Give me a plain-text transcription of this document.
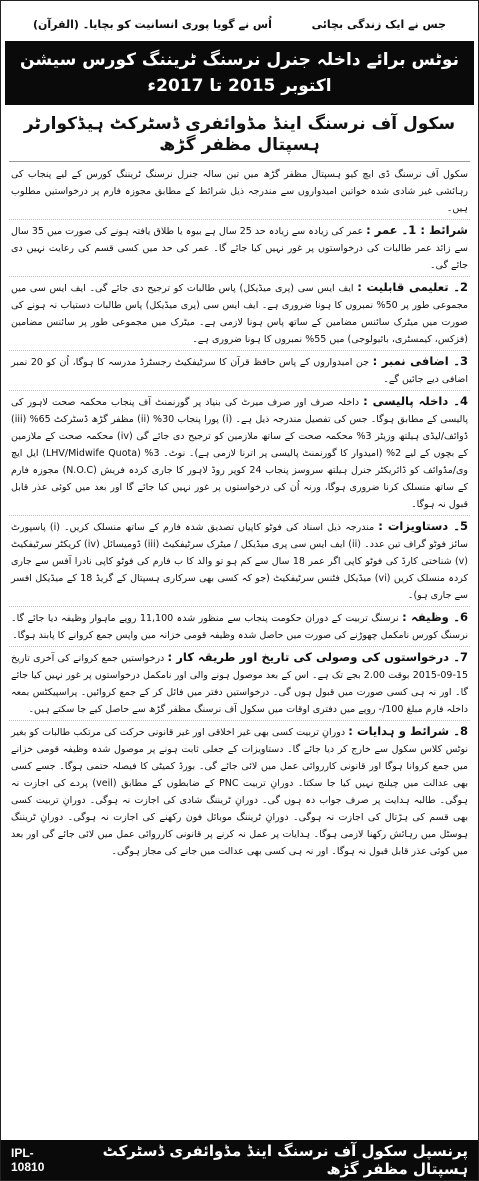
جس نے ایک زندگی بچائی
اُس نے گویا پوری انسانیت کو بچایا۔ (القرآن)
نوٹس برائے داخلہ جنرل نرسنگ ٹریننگ کورس سیشن اکتوبر 2015 تا 2017ء
سکول آف نرسنگ اینڈ مڈوائفری ڈسٹرکٹ ہیڈکوارٹر ہسپتال مظفر گڑھ
سکول آف نرسنگ ڈی ایچ کیو ہسپتال مظفر گڑھ میں تین سالہ جنرل نرسنگ ٹریننگ کورس کے لیے پنجاب کی رہائشی غیر شادی شدہ خواتین امیدواروں سے مندرجہ ذیل شرائط کے مطابق مجوزہ فارم پر درخواستیں مطلوب ہیں۔
شرائط : 1۔ عمر : عمر کی زیادہ سے زیادہ حد 25 سال ہے بیوہ یا طلاق یافتہ ہونے کی صورت میں 35 سال سے زائد عمر طالبات کی درخواستوں پر غور نہیں کیا جائے گا۔ عمر کی حد میں کسی قسم کی رعایت نہیں دی جائے گی۔
2۔ تعلیمی قابلیت : ایف ایس سی (پری میڈیکل) پاس طالبات کو ترجیح دی جائے گی۔ ایف ایس سی میں مجموعی طور پر 50% نمبروں کا ہونا ضروری ہے۔ ایف ایس سی (پری میڈیکل) پاس طالبات دستیاب نہ ہونے کی صورت میں میٹرک سائنس مضامین کے ساتھ پاس ہونا لازمی ہے۔ میٹرک میں مجموعی طور پر سائنس مضامین (فزکس، کیمسٹری، بائیولوجی) میں 55% نمبروں کا ہونا ضروری ہے۔
3۔ اضافی نمبر : جن امیدواروں کے پاس حافظ قرآن کا سرٹیفکیٹ رجسٹرڈ مدرسہ کا ہوگا، اُن کو 20 نمبر اضافی دیے جائیں گے۔
4۔ داخلہ پالیسی : داخلہ صرف اور صرف میرٹ کی بنیاد پر گورنمنٹ آف پنجاب محکمہ صحت لاہور کی پالیسی کے مطابق ہوگا۔ جس کی تفصیل مندرجہ ذیل ہے۔ (i) پورا پنجاب 30% (ii) مظفر گڑھ ڈسٹرکٹ 65% (iii) ڈوائف/لیڈی ہیلتھ وزیٹر 3% محکمہ صحت کے ساتھ ملازمین کو ترجیح دی جائے گی (iv) محکمہ صحت کے ملازمین کے بچوں کے لیے 2% (امیدوار کا گورنمنٹ پالیسی پر اترنا لازمی ہے)۔ نوٹ۔ 3% (LHV/Midwife Quota) ایل ایچ وی/مڈوائف کو ڈائریکٹر جنرل ہیلتھ سروسز پنجاب 24 کوپر روڈ لاہور کا جاری کردہ فریش (N.O.C) مجوزہ فارم کے ساتھ منسلک کرنا ضروری ہوگا، ورنہ اُن کی درخواستوں پر غور نہیں کیا جائے گا اور بعد میں کوئی عذر قابل قبول نہ ہوگا۔
5۔ دستاویزات : مندرجہ ذیل اسناد کی فوٹو کاپیاں تصدیق شدہ فارم کے ساتھ منسلک کریں۔ (i) پاسپورٹ سائز فوٹو گراف تین عدد۔ (ii) ایف ایس سی پری میڈیکل / میٹرک سرٹیفکیٹ (iii) ڈومیسائل (iv) کریکٹر سرٹیفکیٹ (v) شناختی کارڈ کی فوٹو کاپی اگر عمر 18 سال سے کم ہو تو والد کا ب فارم کی فوٹو کاپی نادرا آفس سے جاری کردہ منسلک کریں (vi) میڈیکل فٹنس سرٹیفکیٹ (جو کہ کسی بھی سرکاری ہسپتال کے گریڈ 18 کے میڈیکل افسر سے جاری ہو)۔
6۔ وظیفہ : نرسنگ تربیت کے دوران حکومت پنجاب سے منظور شدہ 11,100 روپے ماہوار وظیفہ دیا جائے گا۔ نرسنگ کورس نامکمل چھوڑنے کی صورت میں حاصل شدہ وظیفہ قومی خزانہ میں واپس جمع کروانے کا پابند ہوگا۔
7۔ درخواستوں کی وصولی کی تاریخ اور طریقہ کار : درخواستیں جمع کروانے کی آخری تاریخ 15-09-2015 بوقت 2.00 بجے تک ہے۔ اس کے بعد موصول ہونے والی اور نامکمل درخواستوں پر غور نہیں کیا جائے گا۔ اور نہ ہی کسی صورت میں قبول ہوں گی۔ درخواستیں دفتر میں فائل کر کے جمع کروائیں۔ پراسپیکٹس بمعہ داخلہ فارم مبلغ 100/- روپے میں دفتری اوقات میں سکول آف نرسنگ مظفر گڑھ سے حاصل کیے جا سکتے ہیں۔
8۔ شرائط و ہدایات : دورانِ تربیت کسی بھی غیر اخلاقی اور غیر قانونی حرکت کی مرتکب طالبات کو بغیر نوٹس کلاس سکول سے خارج کر دیا جائے گا۔ دستاویزات کے جعلی ثابت ہونے پر موصول شدہ وظیفہ قومی خزانے میں جمع کروانا ہوگا اور قانونی کارروائی عمل میں لائی جائے گی۔ بورڈ کمیٹی کا فیصلہ حتمی ہوگا۔ جسے کسی بھی عدالت میں چیلنج نہیں کیا جا سکتا۔ دورانِ تربیت PNC کے ضابطوں کے مطابق (veil) پردے کی اجازت نہ ہوگی۔ طالبہ ہدایت پر صرف جواب دہ ہوں گی۔ دورانِ ٹریننگ شادی کی اجازت نہ ہوگی۔ دورانِ تربیت کسی بھی قسم کی ہڑتال کی اجازت نہ ہوگی۔ دورانِ ٹریننگ موبائل فون رکھنے کی اجازت نہ ہوگی۔ دورانِ ٹریننگ ہوسٹل میں رہائش رکھنا لازمی ہوگا۔ ہدایات پر عمل نہ کرنے پر قانونی کارروائی عمل میں لائی جائے گی اور بعد میں کوئی عذر قابل قبول نہ ہوگا۔ اور نہ ہی کسی بھی عدالت میں جانے کی مجاز ہوگی۔
پرنسپل سکول آف نرسنگ اینڈ مڈوائفری ڈسٹرکٹ ہسپتال مظفر گڑھ
IPL-10810
